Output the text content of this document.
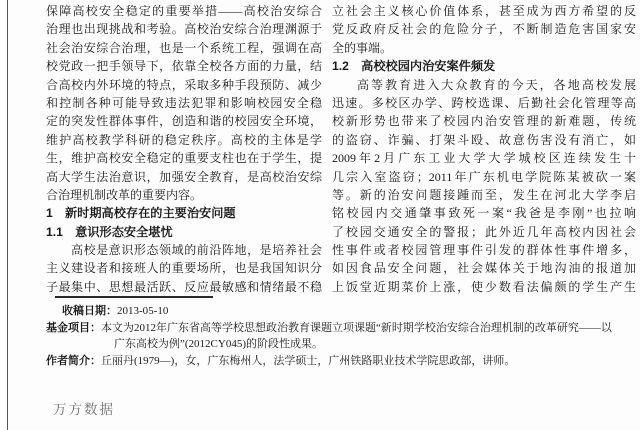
保障高校安全稳定的重要举措——高校治安综合
治理也出现挑战和考验。高校治安综合治理渊源于
社会治安综合治理，也是一个系统工程，强调在高
校党政一把手领导下，依靠全校各方面的力量，结
合高校内外环境的特点，采取多种手段预防、减少
和控制各种可能导致违法犯罪和影响校园安全稳
定的突发性群体事件，创造和谐的校园安全环境，
维护高校教学科研的稳定秩序。高校的主体是学
生，维护高校安全稳定的重要支柱也在于学生，提
高大学生法治意识，加强安全教育，是高校治安综
合治理机制改革的重要内容。
1　新时期高校存在的主要治安问题
1.1　意识形态安全堪忧
高校是意识形态领域的前沿阵地，是培养社会
主义建设者和接班人的重要场所，也是我国知识分
子最集中、思想最活跃、反应最敏感和情绪最不稳
立社会主义核心价值体系，甚至成为西方希望的反
党反政府反社会的危险分子，不断制造危害国家安
全的事端。
1.2　高校校园内治安案件频发
高等教育进入大众教育的今天，各地高校发展
迅速。多校区办学、跨校选课、后勤社会化管理等高
校新形势也带来了校园内治安管理的新难题，传统
的盗窃、诈骗、打架斗殴、故意伤害没有消亡，如
2009年2月广东工业大学大学城校区连续发生十
几宗入室盗窃；2011年广东机电学院陈某被砍一案
等。新的治安问题接踵而至，发生在河北大学李启
铭校园内交通肇事致死一案“我爸是李刚”也拉响
了校园交通安全的警报；此外近几年高校内因社会
性事件或者校园管理事件引发的群体性事件增多，
如因食品安全问题，社会媒体关于地沟油的报道加
上饭堂近期菜价上涨，使少数看法偏颇的学生产生
收稿日期：2013-05-10
基金项目：本文为2012年广东省高等学校思想政治教育课题立项课题“新时期学校治安综合治理机制的改革研究——以
广东高校为例”(2012CY045)的阶段性成果。
作者简介：丘丽丹(1979—)，女，广东梅州人，法学硕士，广州铁路职业技术学院思政部，讲师。
万方数据
